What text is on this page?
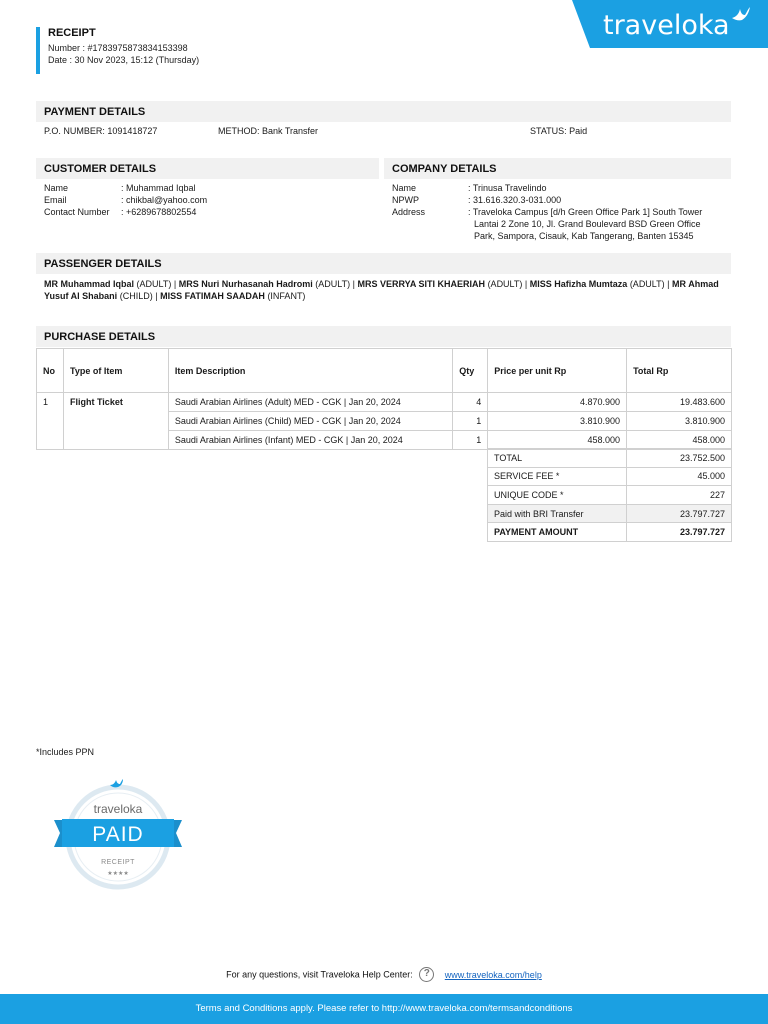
RECEIPT
Number : #1783975873834153398
Date : 30 Nov 2023, 15:12 (Thursday)
traveloka
PAYMENT DETAILS
P.O. NUMBER: 1091418727	METHOD: Bank Transfer	STATUS: Paid
CUSTOMER DETAILS
Name	: Muhammad Iqbal
Email	: chikbal@yahoo.com
Contact Number : +6289678802554
COMPANY DETAILS
Name	: Trinusa Travelindo
NPWP	: 31.616.320.3-031.000
Address	: Traveloka Campus [d/h Green Office Park 1] South Tower
Lantai 2 Zone 10, Jl. Grand Boulevard BSD Green Office
Park, Sampora, Cisauk, Kab Tangerang, Banten 15345
PASSENGER DETAILS
MR Muhammad Iqbal (ADULT) | MRS Nuri Nurhasanah Hadromi (ADULT) | MRS VERRYA SITI KHAERIAH (ADULT) | MISS Hafizha Mumtaza (ADULT) | MR Ahmad Yusuf Al Shabani (CHILD) | MISS FATIMAH SAADAH (INFANT)
PURCHASE DETAILS
No	Type of Item	Item Description	Qty	Price per unit Rp	Total Rp
1	Flight Ticket	Saudi Arabian Airlines (Adult) MED - CGK | Jan 20, 2024	4	4.870.900	19.483.600
		Saudi Arabian Airlines (Child) MED - CGK | Jan 20, 2024	1	3.810.900	3.810.900
		Saudi Arabian Airlines (Infant) MED - CGK | Jan 20, 2024	1	458.000	458.000
TOTAL	23.752.500
SERVICE FEE *	45.000
UNIQUE CODE *	227
Paid with BRI Transfer	23.797.727
PAYMENT AMOUNT	23.797.727
*Includes PPN
traveloka
PAID
RECEIPT
★★★★
For any questions, visit Traveloka Help Center: ? www.traveloka.com/help
Terms and Conditions apply. Please refer to http://www.traveloka.com/termsandconditions
